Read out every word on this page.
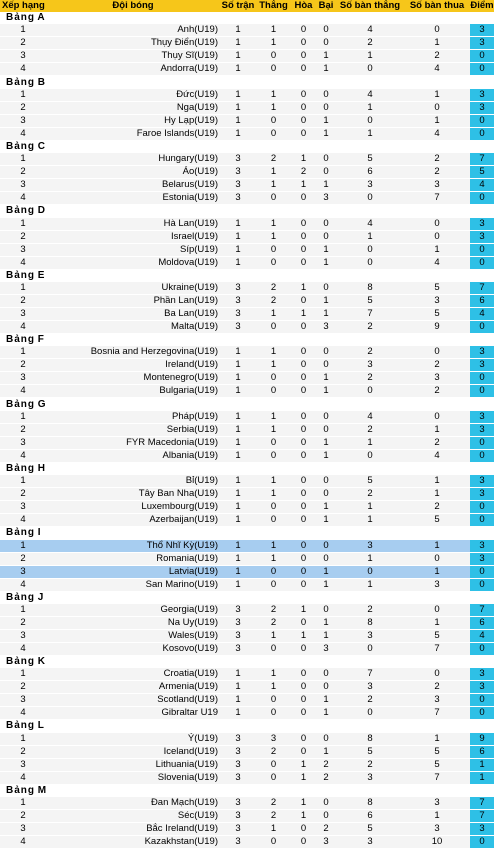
Xếp hạng	Đội bóng	Số trận	Thắng	Hòa	Bại	Số bàn thắng	Số bàn thua	Điểm
Bảng A								
1	Anh(U19)	1	1	0	0	4	0	3
2	Thụy Điển(U19)	1	1	0	0	2	1	3
3	Thụy Sĩ(U19)	1	0	0	1	1	2	0
4	Andorra(U19)	1	0	0	1	0	4	0
Bảng B								
1	Đức(U19)	1	1	0	0	4	1	3
2	Nga(U19)	1	1	0	0	1	0	3
3	Hy Lạp(U19)	1	0	0	1	0	1	0
4	Faroe Islands(U19)	1	0	0	1	1	4	0
Bảng C								
1	Hungary(U19)	3	2	1	0	5	2	7
2	Áo(U19)	3	1	2	0	6	2	5
3	Belarus(U19)	3	1	1	1	3	3	4
4	Estonia(U19)	3	0	0	3	0	7	0
Bảng D								
1	Hà Lan(U19)	1	1	0	0	4	0	3
2	Israel(U19)	1	1	0	0	1	0	3
3	Síp(U19)	1	0	0	1	0	1	0
4	Moldova(U19)	1	0	0	1	0	4	0
Bảng E								
1	Ukraine(U19)	3	2	1	0	8	5	7
2	Phần Lan(U19)	3	2	0	1	5	3	6
3	Ba Lan(U19)	3	1	1	1	7	5	4
4	Malta(U19)	3	0	0	3	2	9	0
Bảng F								
1	Bosnia and Herzegovina(U19)	1	1	0	0	2	0	3
2	Ireland(U19)	1	1	0	0	3	2	3
3	Montenegro(U19)	1	0	0	1	2	3	0
4	Bulgaria(U19)	1	0	0	1	0	2	0
Bảng G								
1	Pháp(U19)	1	1	0	0	4	0	3
2	Serbia(U19)	1	1	0	0	2	1	3
3	FYR Macedonia(U19)	1	0	0	1	1	2	0
4	Albania(U19)	1	0	0	1	0	4	0
Bảng H								
1	Bỉ(U19)	1	1	0	0	5	1	3
2	Tây Ban Nha(U19)	1	1	0	0	2	1	3
3	Luxembourg(U19)	1	0	0	1	1	2	0
4	Azerbaijan(U19)	1	0	0	1	1	5	0
Bảng I								
1	Thổ Nhĩ Kỳ(U19)	1	1	0	0	3	1	3
2	Romania(U19)	1	1	0	0	1	0	3
3	Latvia(U19)	1	0	0	1	0	1	0
4	San Marino(U19)	1	0	0	1	1	3	0
Bảng J								
1	Georgia(U19)	3	2	1	0	2	0	7
2	Na Uy(U19)	3	2	0	1	8	1	6
3	Wales(U19)	3	1	1	1	3	5	4
4	Kosovo(U19)	3	0	0	3	0	7	0
Bảng K								
1	Croatia(U19)	1	1	0	0	7	0	3
2	Armenia(U19)	1	1	0	0	3	2	3
3	Scotland(U19)	1	0	0	1	2	3	0
4	Gibraltar U19	1	0	0	1	0	7	0
Bảng L								
1	Ý(U19)	3	3	0	0	8	1	9
2	Iceland(U19)	3	2	0	1	5	5	6
3	Lithuania(U19)	3	0	1	2	2	5	1
4	Slovenia(U19)	3	0	1	2	3	7	1
Bảng M								
1	Đan Mạch(U19)	3	2	1	0	8	3	7
2	Séc(U19)	3	2	1	0	6	1	7
3	Bắc Ireland(U19)	3	1	0	2	5	3	3
4	Kazakhstan(U19)	3	0	0	3	3	10	0
